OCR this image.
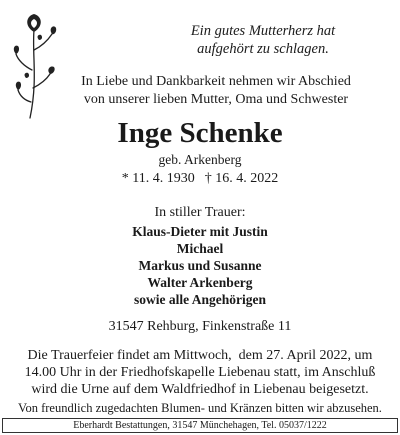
Ein gutes Mutterherz hat
aufgehört zu schlagen.
In Liebe und Dankbarkeit nehmen wir Abschied
von unserer lieben Mutter, Oma und Schwester
Inge Schenke
geb. Arkenberg
* 11. 4. 1930 † 16. 4. 2022
In stiller Trauer:
Klaus-Dieter mit Justin
Michael
Markus und Susanne
Walter Arkenberg
sowie alle Angehörigen
31547 Rehburg, Finkenstraße 11
Die Trauerfeier findet am Mittwoch,  dem 27. April 2022, um
14.00 Uhr in der Friedhofskapelle Liebenau statt, im Anschluß
wird die Urne auf dem Waldfriedhof in Liebenau beigesetzt.
Von freundlich zugedachten Blumen- und Kränzen bitten wir abzusehen.
Eberhardt Bestattungen, 31547 Münchehagen, Tel. 05037/1222
